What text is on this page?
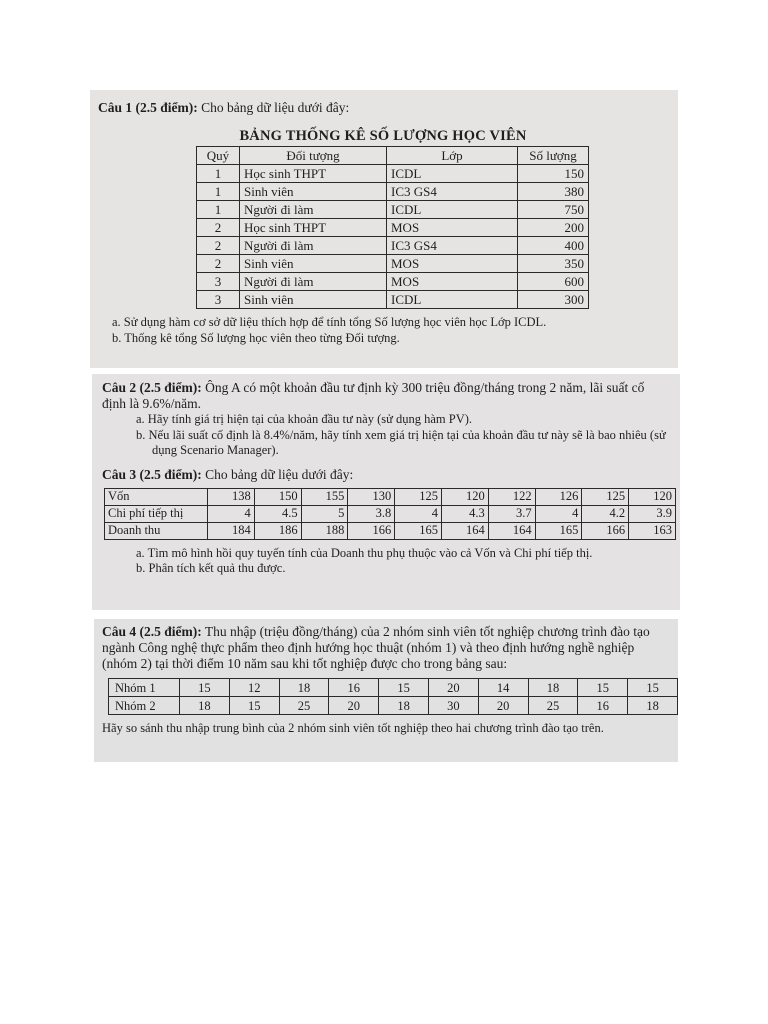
Câu 1 (2.5 điểm): Cho bảng dữ liệu dưới đây:

BẢNG THỐNG KÊ SỐ LƯỢNG HỌC VIÊN
Quý	Đối tượng	Lớp	Số lượng
1	Học sinh THPT	ICDL	150
1	Sinh viên	IC3 GS4	380
1	Người đi làm	ICDL	750
2	Học sinh THPT	MOS	200
2	Người đi làm	IC3 GS4	400
2	Sinh viên	MOS	350
3	Người đi làm	MOS	600
3	Sinh viên	ICDL	300

a. Sử dụng hàm cơ sở dữ liệu thích hợp để tính tổng Số lượng học viên học Lớp ICDL.

b. Thống kê tổng Số lượng học viên theo từng Đối tượng.

Câu 2 (2.5 điểm): Ông A có một khoản đầu tư định kỳ 300 triệu đồng/tháng trong 2 năm, lãi suất cố định là 9.6%/năm.

a. Hãy tính giá trị hiện tại của khoản đầu tư này (sử dụng hàm PV).

b. Nếu lãi suất cố định là 8.4%/năm, hãy tính xem giá trị hiện tại của khoản đầu tư này sẽ là bao nhiêu (sử dụng Scenario Manager).

Câu 3 (2.5 điểm): Cho bảng dữ liệu dưới đây:

Vốn	138	150	155	130	125	120	122	126	125	120
Chi phí tiếp thị	4	4.5	5	3.8	4	4.3	3.7	4	4.2	3.9
Doanh thu	184	186	188	166	165	164	164	165	166	163

a. Tìm mô hình hồi quy tuyến tính của Doanh thu phụ thuộc vào cả Vốn và Chi phí tiếp thị.

b. Phân tích kết quả thu được.

Câu 4 (2.5 điểm): Thu nhập (triệu đồng/tháng) của 2 nhóm sinh viên tốt nghiệp chương trình đào tạo ngành Công nghệ thực phẩm theo định hướng học thuật (nhóm 1) và theo định hướng nghề nghiệp (nhóm 2) tại thời điểm 10 năm sau khi tốt nghiệp được cho trong bảng sau:

Nhóm 1	15	12	18	16	15	20	14	18	15	15
Nhóm 2	18	15	25	20	18	30	20	25	16	18

Hãy so sánh thu nhập trung bình của 2 nhóm sinh viên tốt nghiệp theo hai chương trình đào tạo trên.
